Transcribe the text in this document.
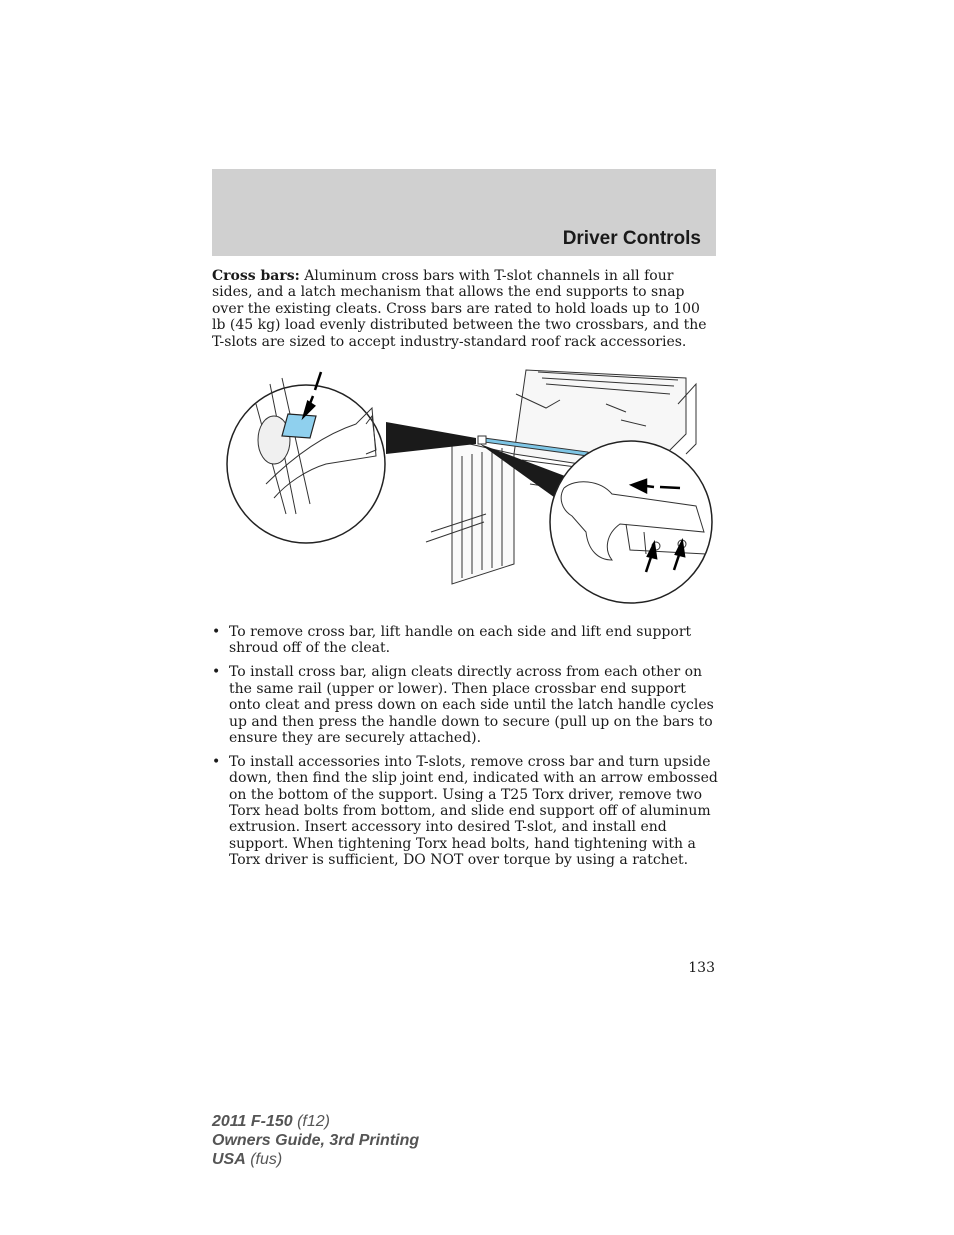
Driver Controls

Cross bars: Aluminum cross bars with T-slot channels in all four sides, and a latch mechanism that allows the end supports to snap over the existing cleats. Cross bars are rated to hold loads up to 100 lb (45 kg) load evenly distributed between the two crossbars, and the T-slots are sized to accept industry-standard roof rack accessories.

• To remove cross bar, lift handle on each side and lift end support shroud off of the cleat.
• To install cross bar, align cleats directly across from each other on the same rail (upper or lower). Then place crossbar end support onto cleat and press down on each side until the latch handle cycles up and then press the handle down to secure (pull up on the bars to ensure they are securely attached).
• To install accessories into T-slots, remove cross bar and turn upside down, then find the slip joint end, indicated with an arrow embossed on the bottom of the support. Using a T25 Torx driver, remove two Torx head bolts from bottom, and slide end support off of aluminum extrusion. Insert accessory into desired T-slot, and install end support. When tightening Torx head bolts, hand tightening with a Torx driver is sufficient, DO NOT over torque by using a ratchet.
133
2011 F-150 (f12)
Owners Guide, 3rd Printing
USA (fus)
